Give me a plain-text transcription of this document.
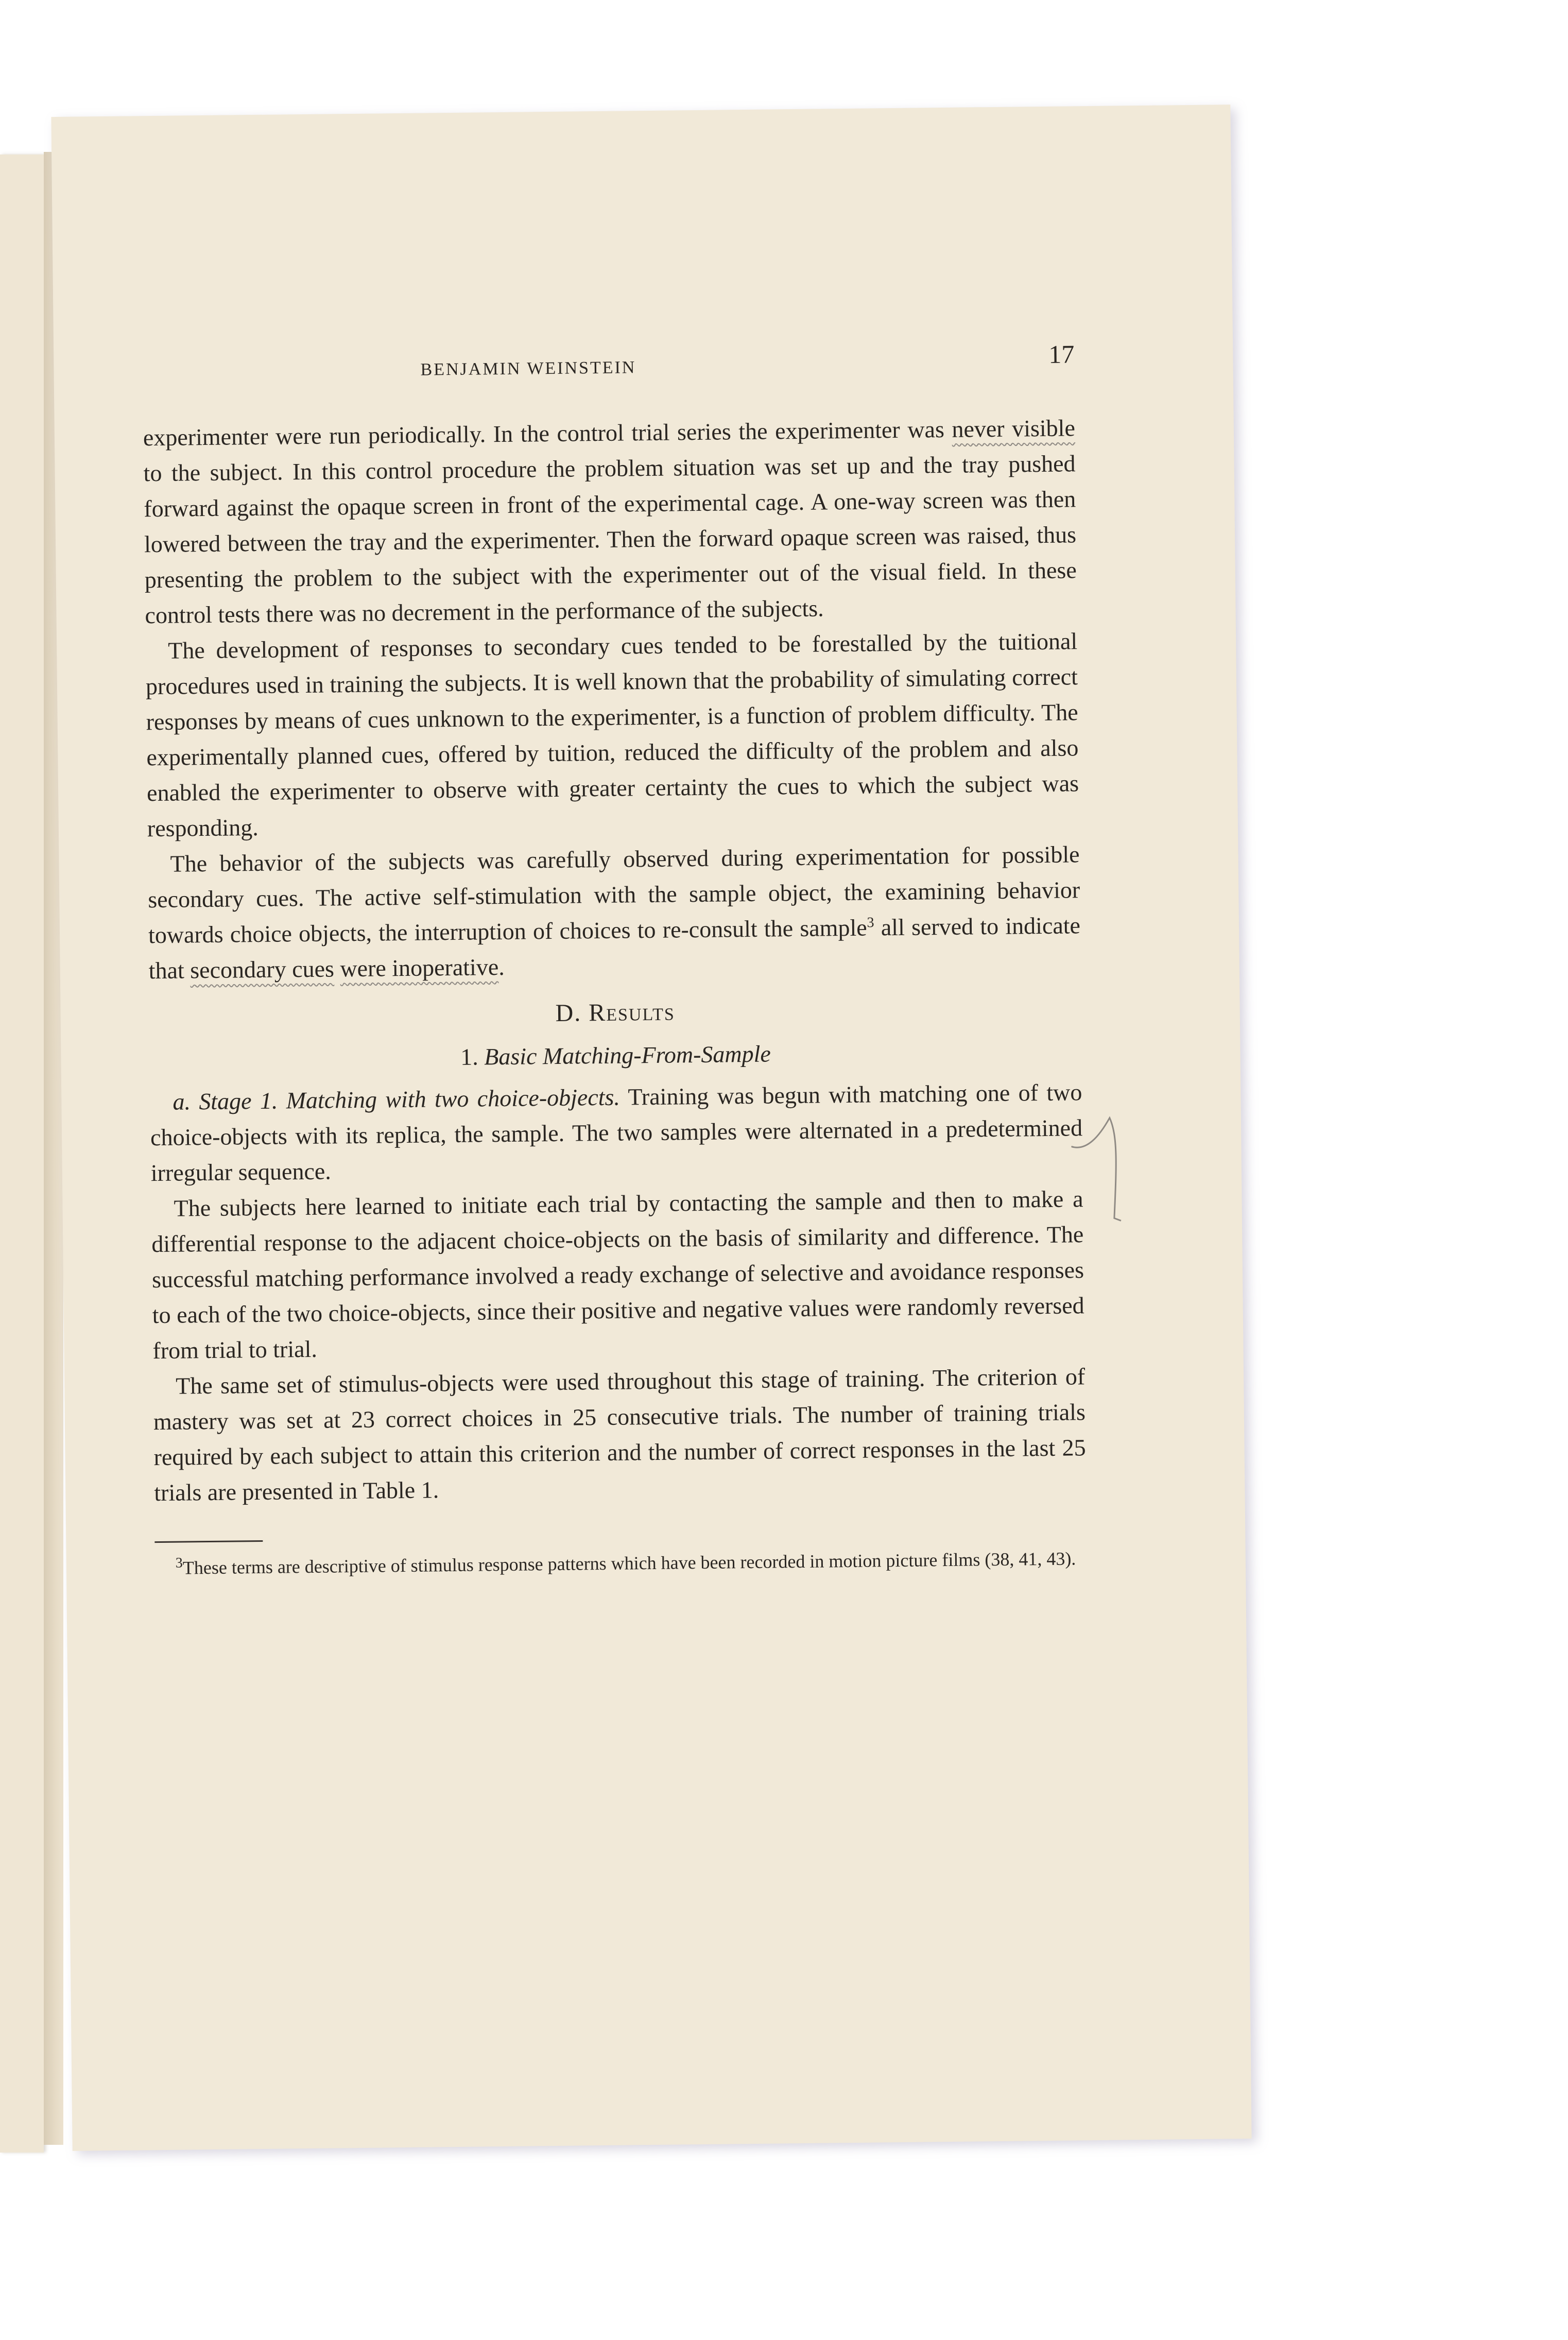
BENJAMIN WEINSTEIN
17

experimenter were run periodically. In the control trial series the experimenter was never visible to the subject. In this control procedure the problem situation was set up and the tray pushed forward against the opaque screen in front of the experimental cage. A one-way screen was then lowered between the tray and the experimenter. Then the forward opaque screen was raised, thus presenting the problem to the subject with the experimenter out of the visual field. In these control tests there was no decrement in the performance of the subjects.

The development of responses to secondary cues tended to be forestalled by the tuitional procedures used in training the subjects. It is well known that the probability of simulating correct responses by means of cues unknown to the experimenter, is a function of problem difficulty. The experimentally planned cues, offered by tuition, reduced the difficulty of the problem and also enabled the experimenter to observe with greater certainty the cues to which the subject was responding.

The behavior of the subjects was carefully observed during experimentation for possible secondary cues. The active self-stimulation with the sample object, the examining behavior towards choice objects, the interruption of choices to re-consult the sample$^3$ all served to indicate that secondary cues were inoperative.

D. Results
1. Basic Matching-From-Sample

a. Stage 1. Matching with two choice-objects. Training was begun with matching one of two choice-objects with its replica, the sample. The two samples were alternated in a predetermined irregular sequence.

The subjects here learned to initiate each trial by contacting the sample and then to make a differential response to the adjacent choice-objects on the basis of similarity and difference. The successful matching performance involved a ready exchange of selective and avoidance responses to each of the two choice-objects, since their positive and negative values were randomly reversed from trial to trial.

The same set of stimulus-objects were used throughout this stage of training. The criterion of mastery was set at 23 correct choices in 25 consecutive trials. The number of training trials required by each subject to attain this criterion and the number of correct responses in the last 25 trials are presented in Table 1.

$^3$These terms are descriptive of stimulus response patterns which have been recorded in motion picture films (38, 41, 43).
